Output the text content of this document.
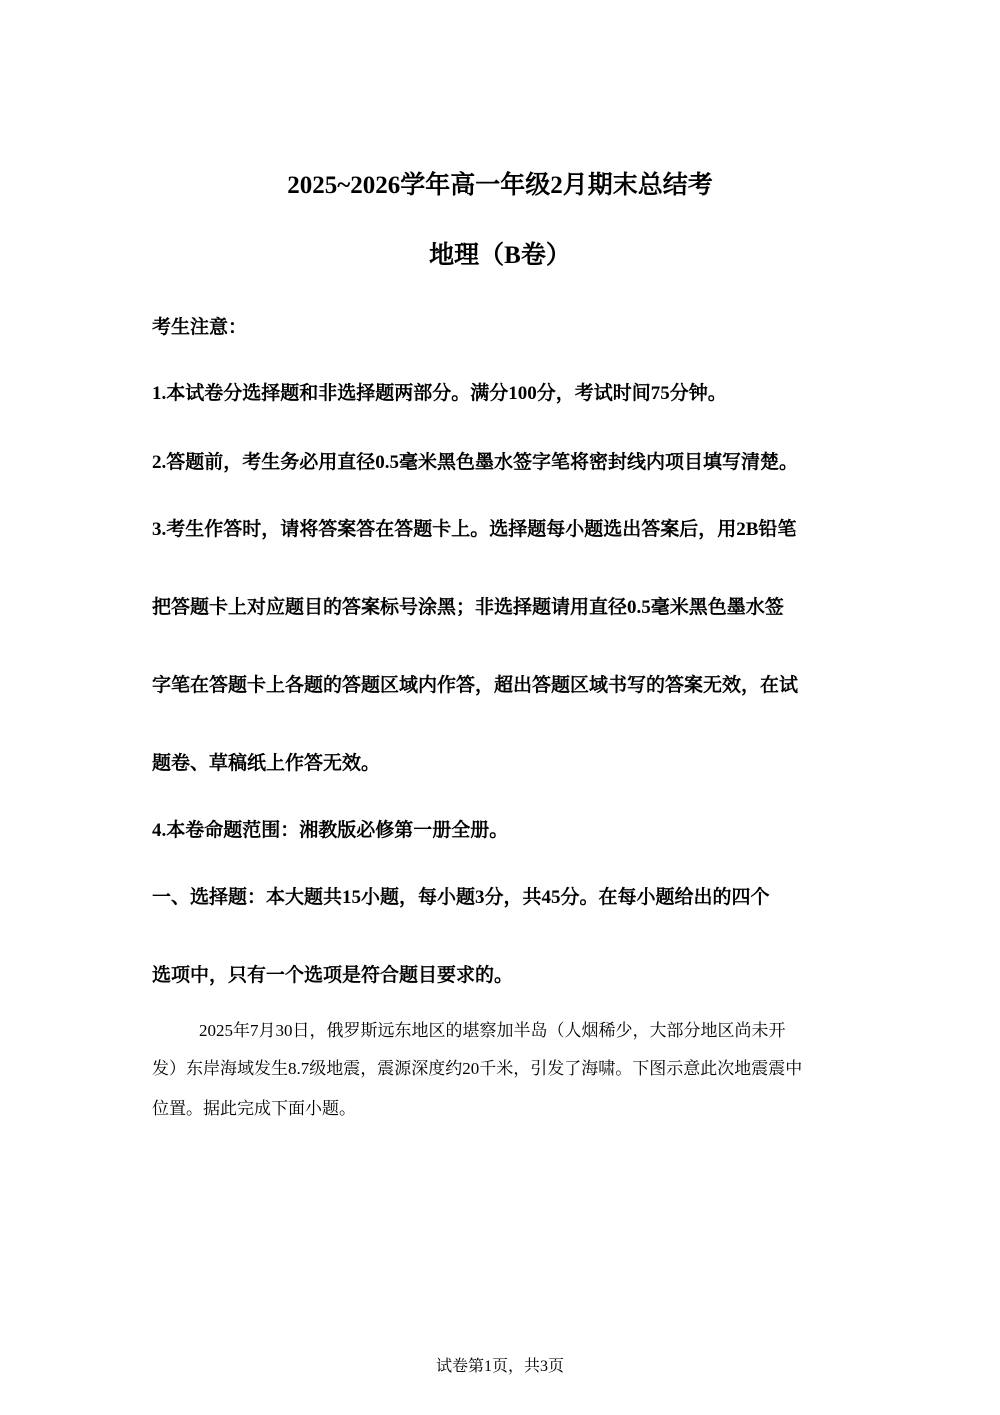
2025~2026学年高一年级2月期末总结考
地理（B卷）

考生注意：

1.本试卷分选择题和非选择题两部分。满分100分，考试时间75分钟。

2.答题前，考生务必用直径0.5毫米黑色墨水签字笔将密封线内项目填写清楚。

3.考生作答时，请将答案答在答题卡上。选择题每小题选出答案后，用2B铅笔

把答题卡上对应题目的答案标号涂黑；非选择题请用直径0.5毫米黑色墨水签

字笔在答题卡上各题的答题区域内作答，超出答题区域书写的答案无效，在试

题卷、草稿纸上作答无效。

4.本卷命题范围：湘教版必修第一册全册。

一、选择题：本大题共15小题，每小题3分，共45分。在每小题给出的四个

选项中，只有一个选项是符合题目要求的。

2025年7月30日，俄罗斯远东地区的堪察加半岛（人烟稀少，大部分地区尚未开

发）东岸海域发生8.7级地震，震源深度约20千米，引发了海啸。下图示意此次地震震中

位置。据此完成下面小题。

试卷第1页，共3页
